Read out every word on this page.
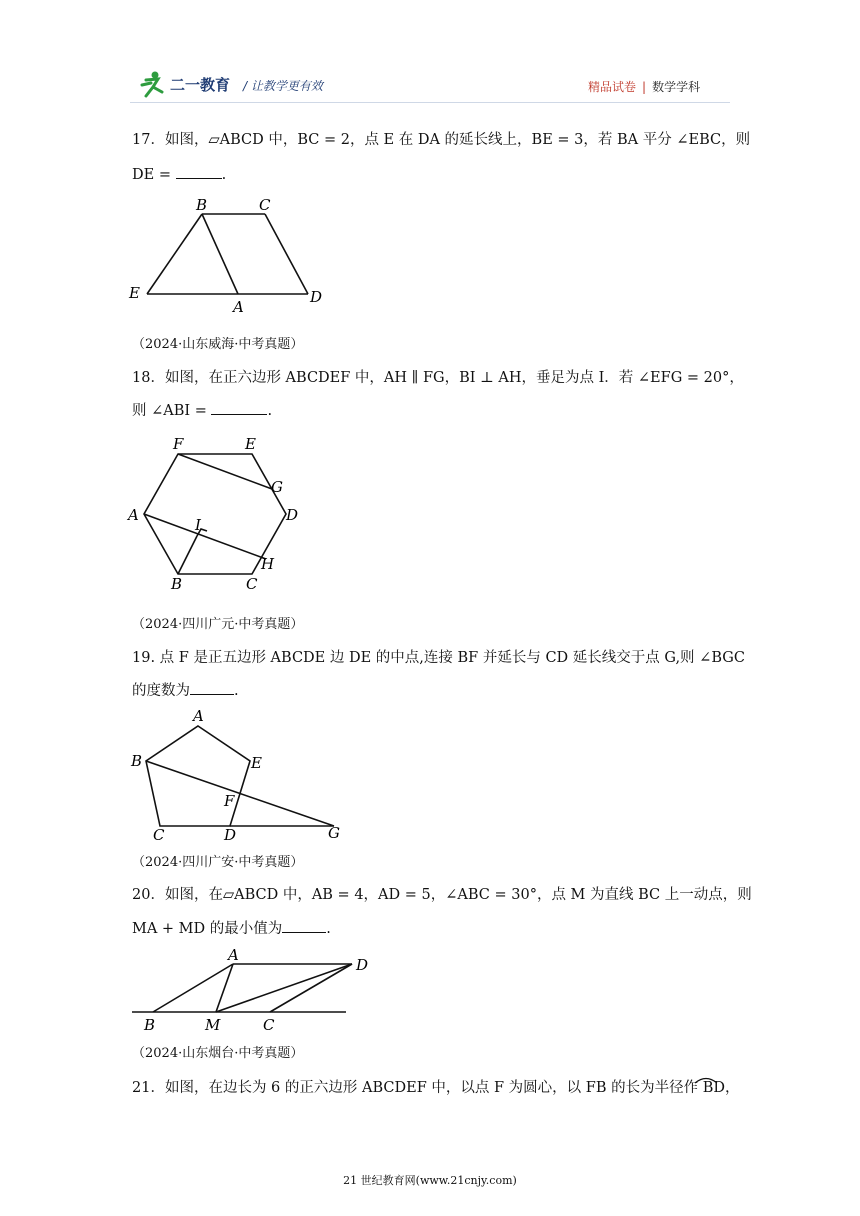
二一教育 / 让教学更有效	精品试卷 | 数学学科
17．如图，▱ABCD 中，BC = 2，点 E 在 DA 的延长线上，BE = 3，若 BA 平分 ∠EBC，则
DE =	.
B	C
E
A
D
（2024·山东威海·中考真题）
18．如图，在正六边形 ABCDEF 中，AH ∥ FG，BI ⊥ AH，垂足为点 I．若 ∠EFG = 20°，
则 ∠ABI =	.
F	E
G
A	D
I
H
B	C
（2024·四川广元·中考真题）
19. 点 F 是正五边形 ABCDE 边 DE 的中点,连接 BF 并延长与 CD 延长线交于点 G,则 ∠BGC
的度数为	.
A
B	E
F
C	D	G
（2024·四川广安·中考真题）
20．如图，在▱ABCD 中，AB = 4，AD = 5，∠ABC = 30°，点 M 为直线 BC 上一动点，则
MA + MD 的最小值为	.
A
D
B	M	C
（2024·山东烟台·中考真题）
21．如图，在边长为 6 的正六边形 ABCDEF 中，以点 F 为圆心，以 FB 的长为半径作 BD，
21 世纪教育网(www.21cnjy.com)
